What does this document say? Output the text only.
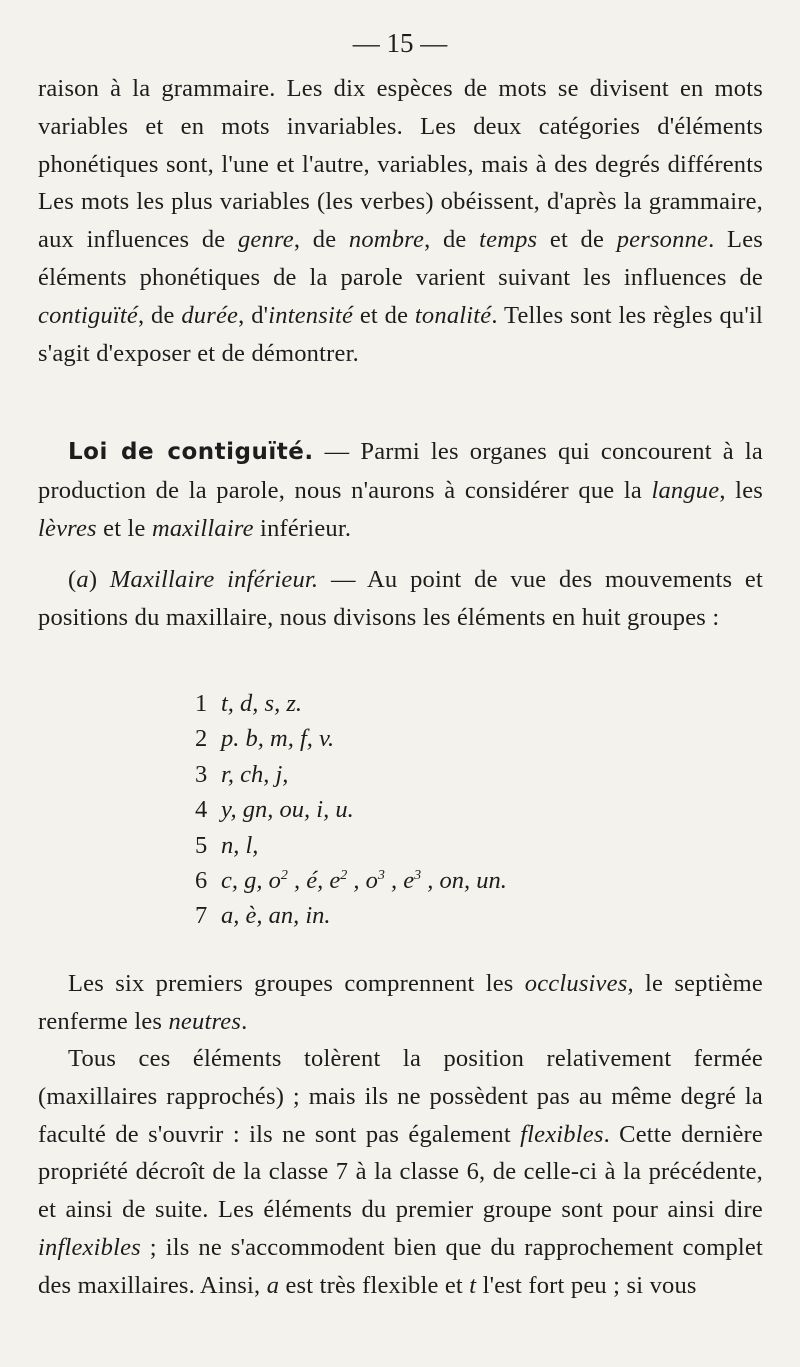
— 15 —

raison à la grammaire. Les dix espèces de mots se divisent en mots variables et en mots invariables. Les deux catégories d'éléments phonétiques sont, l'une et l'autre, variables, mais à des degrés différents Les mots les plus variables (les verbes) obéissent, d'après la grammaire, aux influences de genre, de nombre, de temps et de personne. Les éléments phonétiques de la parole varient suivant les influences de contiguïté, de durée, d'intensité et de tonalité. Telles sont les règles qu'il s'agit d'exposer et de démontrer.

Loi de contiguïté. — Parmi les organes qui concourent à la production de la parole, nous n'aurons à considérer que la langue, les lèvres et le maxillaire inférieur.

(a) Maxillaire inférieur. — Au point de vue des mouvements et positions du maxillaire, nous divisons les éléments en huit groupes :

1 t, d, s, z.
2 p. b, m, f, v.
3 r, ch, j,
4 y, gn, ou, i, u.
5 n, l,
6 c, g, $o^2$ , é, $e^2$ , $o^3$ , $e^3$ , on, un.
7 a, è, an, in.

Les six premiers groupes comprennent les occlusives, le septième renferme les neutres.

Tous ces éléments tolèrent la position relativement fermée (maxillaires rapprochés) ; mais ils ne possèdent pas au même degré la faculté de s'ouvrir : ils ne sont pas également flexibles. Cette dernière propriété décroît de la classe 7 à la classe 6, de celle-ci à la précédente, et ainsi de suite. Les éléments du premier groupe sont pour ainsi dire inflexibles ; ils ne s'accommodent bien que du rapprochement complet des maxillaires. Ainsi, a est très flexible et t l'est fort peu ; si vous
